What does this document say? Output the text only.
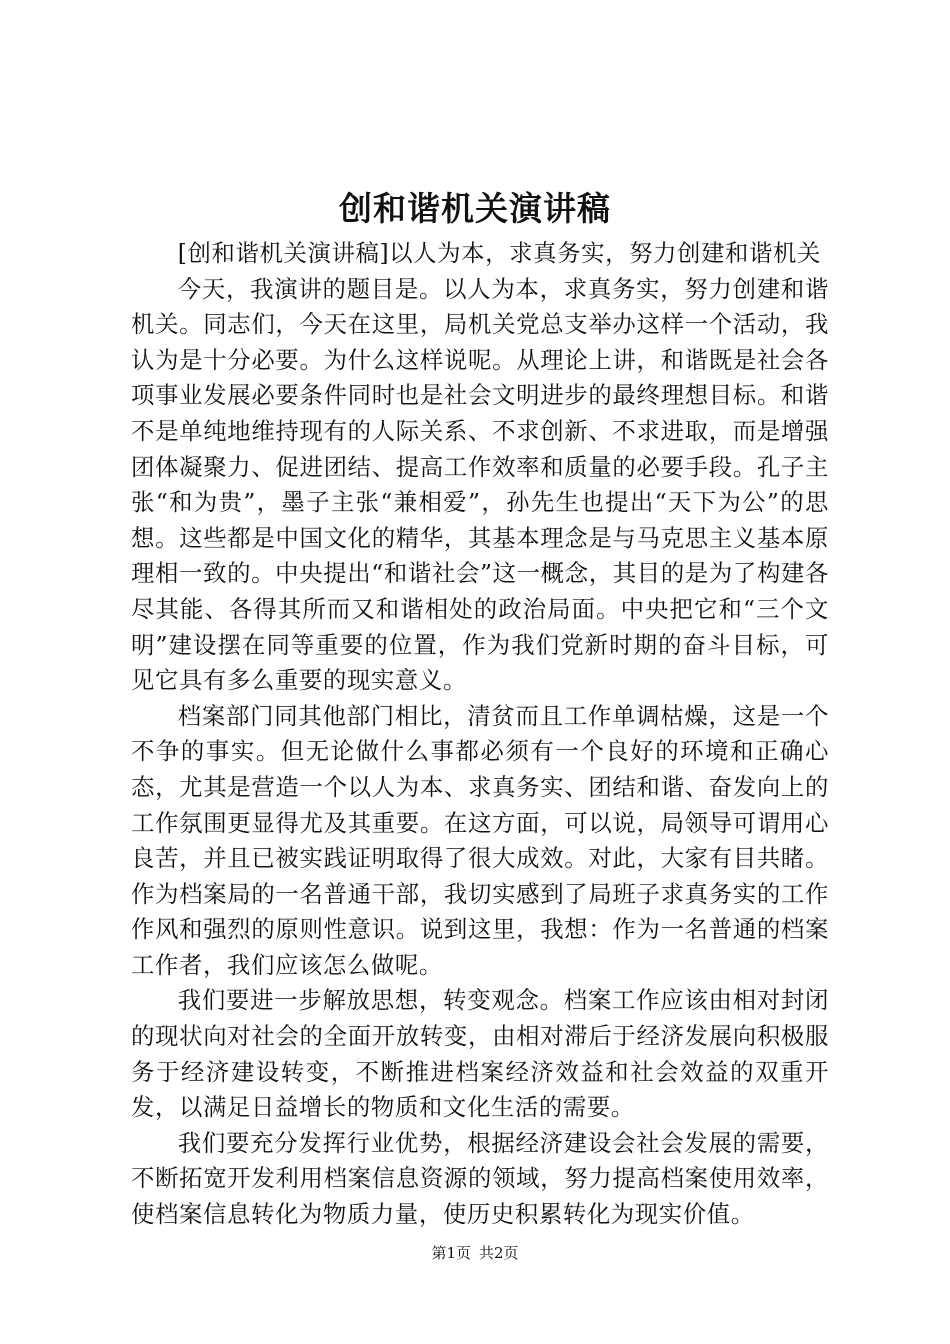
创和谐机关演讲稿

[创和谐机关演讲稿]以人为本，求真务实，努力创建和谐机关

今天，我演讲的题目是。以人为本，求真务实，努力创建和谐机关。同志们，今天在这里，局机关党总支举办这样一个活动，我认为是十分必要。为什么这样说呢。从理论上讲，和谐既是社会各项事业发展必要条件同时也是社会文明进步的最终理想目标。和谐不是单纯地维持现有的人际关系、不求创新、不求进取，而是增强团体凝聚力、促进团结、提高工作效率和质量的必要手段。孔子主张“和为贵”，墨子主张“兼相爱”，孙先生也提出“天下为公”的思想。这些都是中国文化的精华，其基本理念是与马克思主义基本原理相一致的。中央提出“和谐社会”这一概念，其目的是为了构建各尽其能、各得其所而又和谐相处的政治局面。中央把它和“三个文明”建设摆在同等重要的位置，作为我们党新时期的奋斗目标，可见它具有多么重要的现实意义。

档案部门同其他部门相比，清贫而且工作单调枯燥，这是一个不争的事实。但无论做什么事都必须有一个良好的环境和正确心态，尤其是营造一个以人为本、求真务实、团结和谐、奋发向上的工作氛围更显得尤及其重要。在这方面，可以说，局领导可谓用心良苦，并且已被实践证明取得了很大成效。对此，大家有目共睹。作为档案局的一名普通干部，我切实感到了局班子求真务实的工作作风和强烈的原则性意识。说到这里，我想：作为一名普通的档案工作者，我们应该怎么做呢。

我们要进一步解放思想，转变观念。档案工作应该由相对封闭的现状向对社会的全面开放转变，由相对滞后于经济发展向积极服务于经济建设转变，不断推进档案经济效益和社会效益的双重开发，以满足日益增长的物质和文化生活的需要。

我们要充分发挥行业优势，根据经济建设会社会发展的需要，不断拓宽开发利用档案信息资源的领域，努力提高档案使用效率，使档案信息转化为物质力量，使历史积累转化为现实价值。

第1页 共2页
